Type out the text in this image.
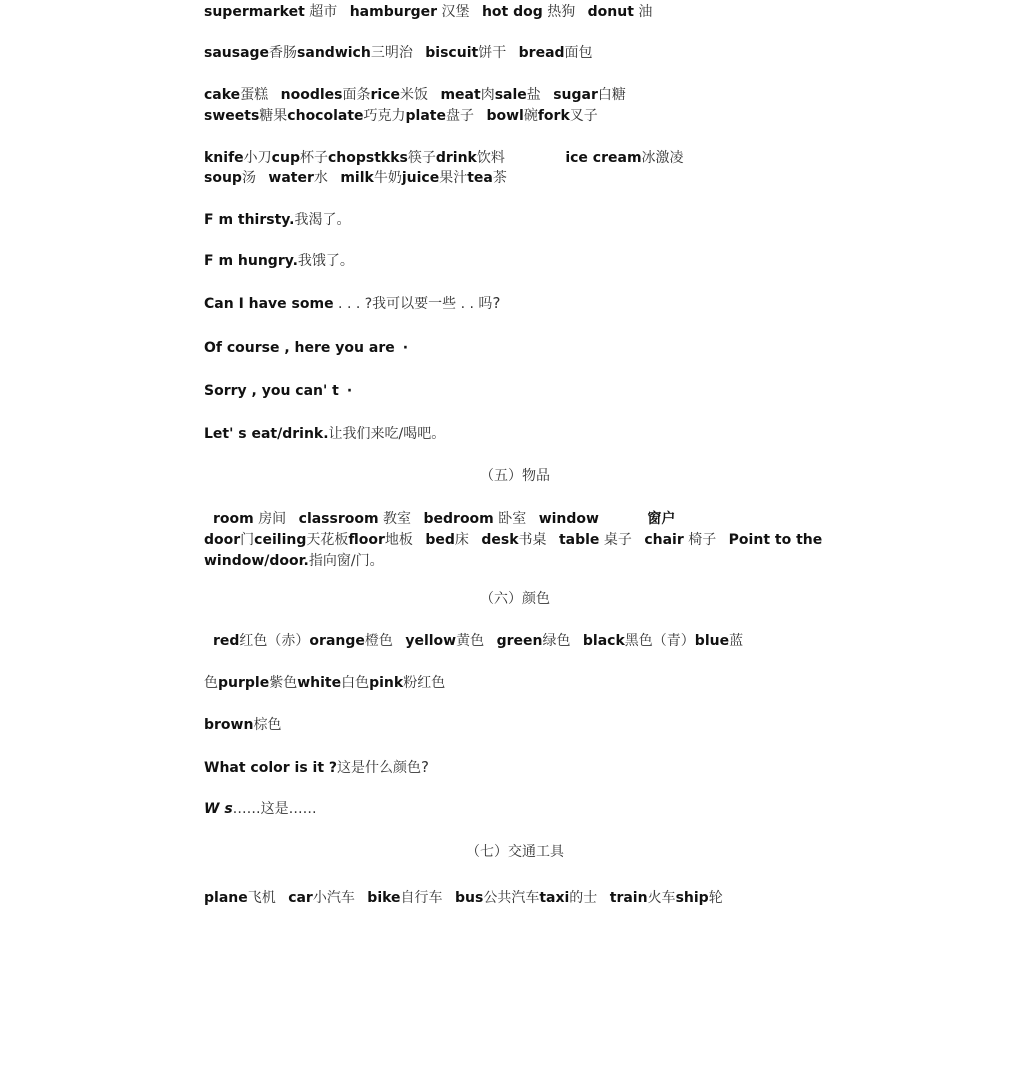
supermarket 超市 hamburger 汉堡 hot dog 热狗 donut 油
sausage香肠sandwich三明治 biscuit饼干 bread面包
cake蛋糕 noodles面条rice米饭 meat肉sale盐 sugar白糖
sweets糖果chocolate巧克力plate盘子 bowl碗fork叉子
knife小刀cup杯子chopstkks筷子drink饮料	ice cream冰激凌
soup汤 water水 milk牛奶juice果汁tea茶
F m thirsty.我渴了。
F m hungry.我饿了。
Can I have some . . . ?我可以要一些 . . 吗?
Of course , here you are ·
Sorry , you can' t ·
Let' s eat/drink.让我们来吃/喝吧。
（五）物品
room 房间 classroom 教室 bedroom 卧室 window	窗户
door门ceiling天花板floor地板 bed床 desk书桌 table 桌子 chair 椅子 Point to the
window/door.指向窗/门。
（六）颜色
red红色（赤）orange橙色 yellow黄色 green绿色 black黑色（青）blue蓝
色purple紫色white白色pink粉红色
brown棕色
What color is it ?这是什么颜色?
W s……这是……
（七）交通工具
plane飞机 car小汽车 bike自行车 bus公共汽车taxi的士 train火车ship轮
